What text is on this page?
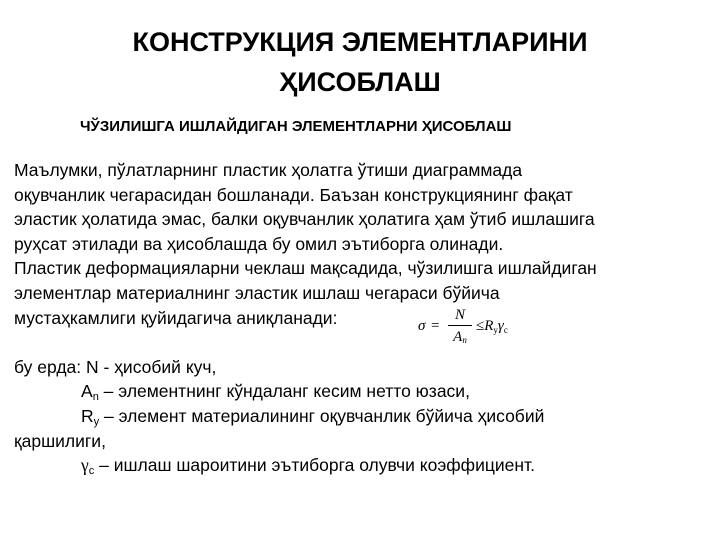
КОНСТРУКЦИЯ ЭЛЕМЕНТЛАРИНИ
ҲИСОБЛАШ
ЧЎЗИЛИШГА ИШЛАЙДИГАН ЭЛЕМЕНТЛАРНИ ҲИСОБЛАШ

Маълумки, пўлатларнинг пластик ҳолатга ўтиши диаграммада

оқувчанлик чегарасидан бошланади. Баъзан конструкциянинг фақат

эластик ҳолатида эмас, балки оқувчанлик ҳолатига ҳам ўтиб ишлашига

руҳсат этилади ва ҳисоблашда бу омил эътиборга олинади.

Пластик деформацияларни чеклаш мақсадида, чўзилишга ишлайдиган

элементлар материалнинг эластик ишлаш чегараси бўйича

мустаҳкамлиги қуйидагича аниқланади:

бу ерда: N - ҳисобий куч,

$A_n$ – элементнинг кўндаланг кесим нетто юзаси,

$R_y$ – элемент материалининг оқувчанлик бўйича ҳисобий

қаршилиги,

$\gamma_c$ – ишлаш шароитини эътиборга олувчи коэффициент.

σ =
N
$A_n$
$\le R_y\gamma_c$
